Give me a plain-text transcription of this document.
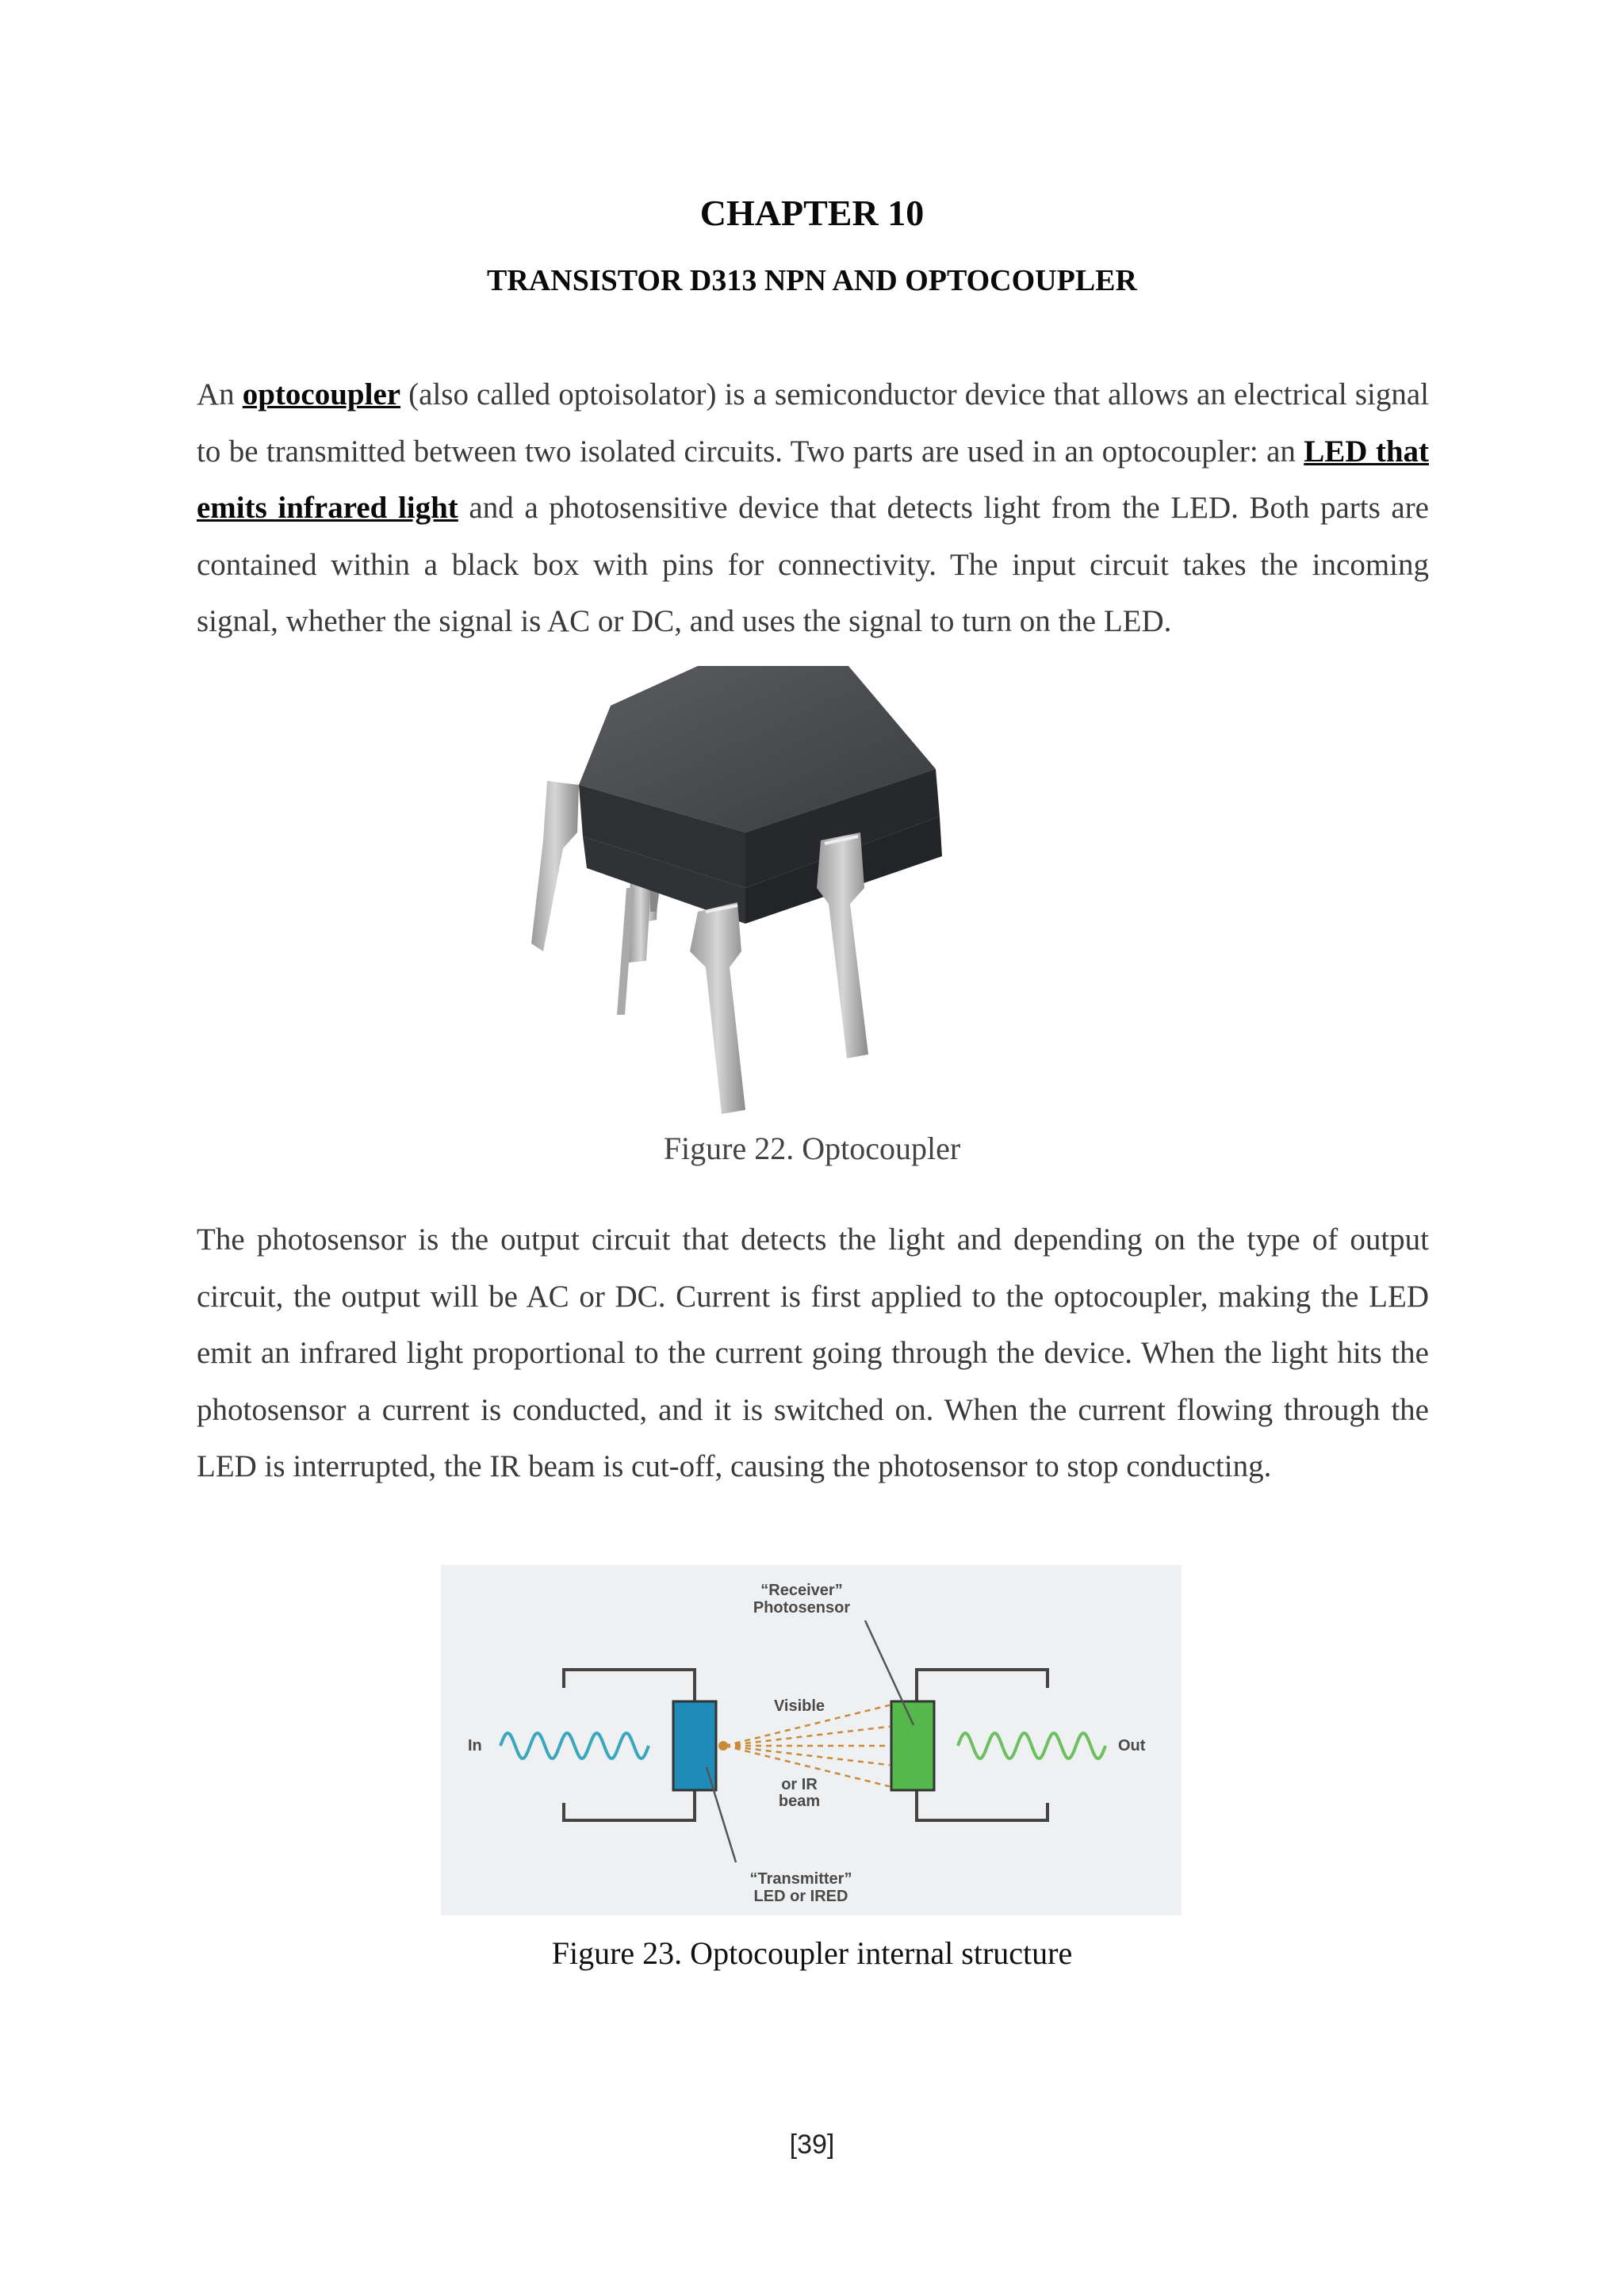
CHAPTER 10
TRANSISTOR D313 NPN AND OPTOCOUPLER
An optocoupler (also called optoisolator) is a semiconductor device that allows an electrical signal to be transmitted between two isolated circuits. Two parts are used in an optocoupler: an LED that emits infrared light and a photosensitive device that detects light from the LED. Both parts are contained within a black box with pins for connectivity. The input circuit takes the incoming signal, whether the signal is AC or DC, and uses the signal to turn on the LED.
Figure 22. Optocoupler
The photosensor is the output circuit that detects the light and depending on the type of output circuit, the output will be AC or DC. Current is first applied to the optocoupler, making the LED emit an infrared light proportional to the current going through the device. When the light hits the photosensor a current is conducted, and it is switched on. When the current flowing through the LED is interrupted, the IR beam is cut-off, causing the photosensor to stop conducting.
“Receiver”
Photosensor
Visible
or IR
beam
In	Out
“Transmitter”
LED or IRED
Figure 23. Optocoupler internal structure
[39]
